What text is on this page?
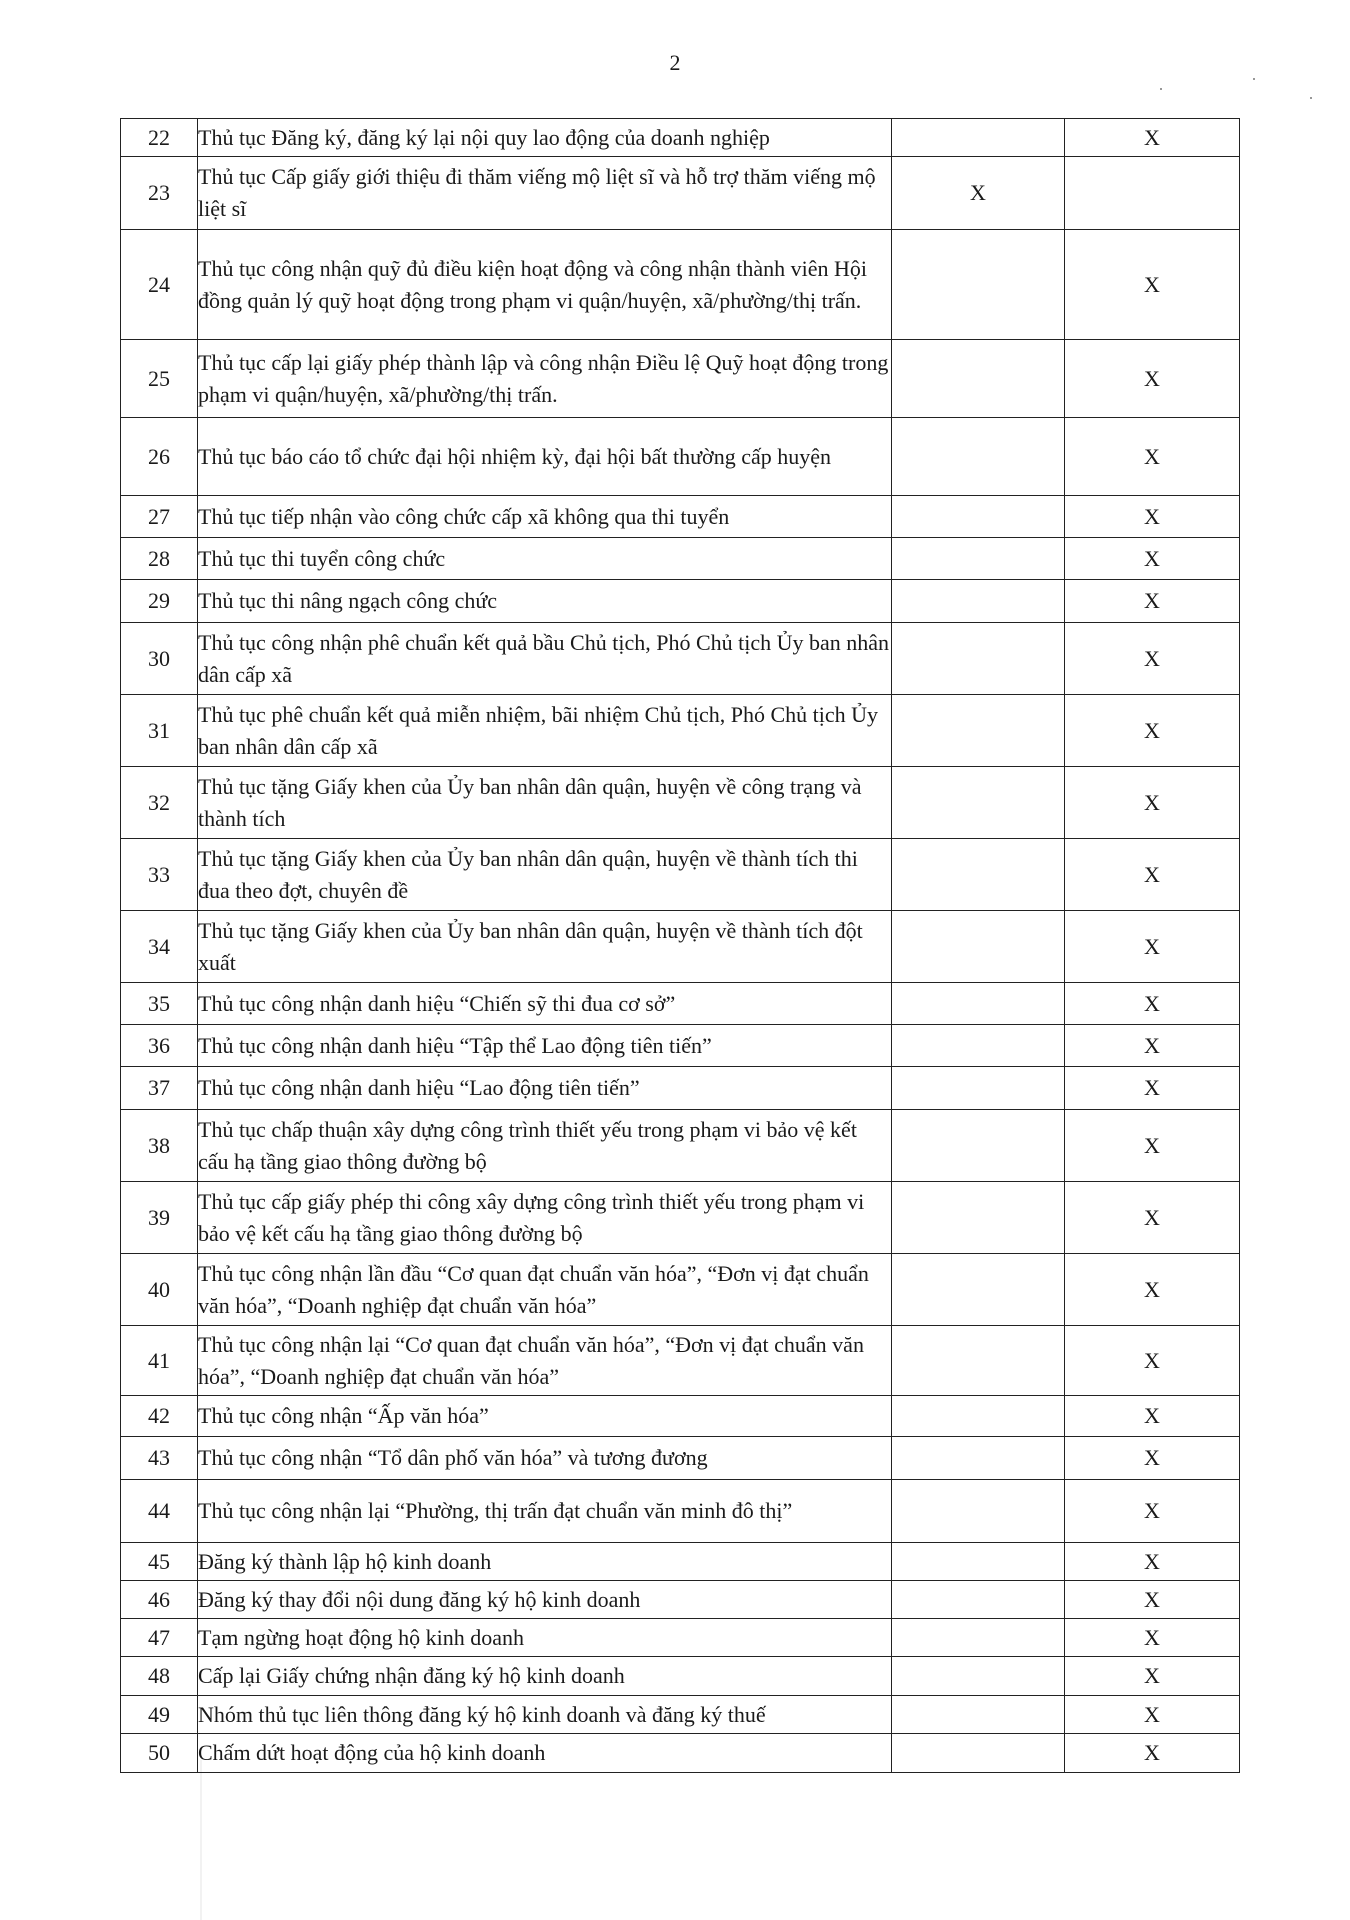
2
22	Thủ tục Đăng ký, đăng ký lại nội quy lao động của doanh nghiệp		X
23	Thủ tục Cấp giấy giới thiệu đi thăm viếng mộ liệt sĩ và hỗ trợ thăm viếng mộ liệt sĩ	X	
24	Thủ tục công nhận quỹ đủ điều kiện hoạt động và công nhận thành viên Hội đồng quản lý quỹ hoạt động trong phạm vi quận/huyện, xã/phường/thị trấn.		X
25	Thủ tục cấp lại giấy phép thành lập và công nhận Điều lệ Quỹ hoạt động trong phạm vi quận/huyện, xã/phường/thị trấn.		X
26	Thủ tục báo cáo tổ chức đại hội nhiệm kỳ, đại hội bất thường cấp huyện		X
27	Thủ tục tiếp nhận vào công chức cấp xã không qua thi tuyển		X
28	Thủ tục thi tuyển công chức		X
29	Thủ tục thi nâng ngạch công chức		X
30	Thủ tục công nhận phê chuẩn kết quả bầu Chủ tịch, Phó Chủ tịch Ủy ban nhân dân cấp xã		X
31	Thủ tục phê chuẩn kết quả miễn nhiệm, bãi nhiệm Chủ tịch, Phó Chủ tịch Ủy ban nhân dân cấp xã		X
32	Thủ tục tặng Giấy khen của Ủy ban nhân dân quận, huyện về công trạng và thành tích		X
33	Thủ tục tặng Giấy khen của Ủy ban nhân dân quận, huyện về thành tích thi đua theo đợt, chuyên đề		X
34	Thủ tục tặng Giấy khen của Ủy ban nhân dân quận, huyện về thành tích đột xuất		X
35	Thủ tục công nhận danh hiệu “Chiến sỹ thi đua cơ sở”		X
36	Thủ tục công nhận danh hiệu “Tập thể Lao động tiên tiến”		X
37	Thủ tục công nhận danh hiệu “Lao động tiên tiến”		X
38	Thủ tục chấp thuận xây dựng công trình thiết yếu trong phạm vi bảo vệ kết cấu hạ tầng giao thông đường bộ		X
39	Thủ tục cấp giấy phép thi công xây dựng công trình thiết yếu trong phạm vi bảo vệ kết cấu hạ tầng giao thông đường bộ		X
40	Thủ tục công nhận lần đầu “Cơ quan đạt chuẩn văn hóa”, “Đơn vị đạt chuẩn văn hóa”, “Doanh nghiệp đạt chuẩn văn hóa”		X
41	Thủ tục công nhận lại “Cơ quan đạt chuẩn văn hóa”, “Đơn vị đạt chuẩn văn hóa”, “Doanh nghiệp đạt chuẩn văn hóa”		X
42	Thủ tục công nhận “Ấp văn hóa”		X
43	Thủ tục công nhận “Tổ dân phố văn hóa” và tương đương		X
44	Thủ tục công nhận lại “Phường, thị trấn đạt chuẩn văn minh đô thị”		X
45	Đăng ký thành lập hộ kinh doanh		X
46	Đăng ký thay đổi nội dung đăng ký hộ kinh doanh		X
47	Tạm ngừng hoạt động hộ kinh doanh		X
48	Cấp lại Giấy chứng nhận đăng ký hộ kinh doanh		X
49	Nhóm thủ tục liên thông đăng ký hộ kinh doanh và đăng ký thuế		X
50	Chấm dứt hoạt động của hộ kinh doanh		X
